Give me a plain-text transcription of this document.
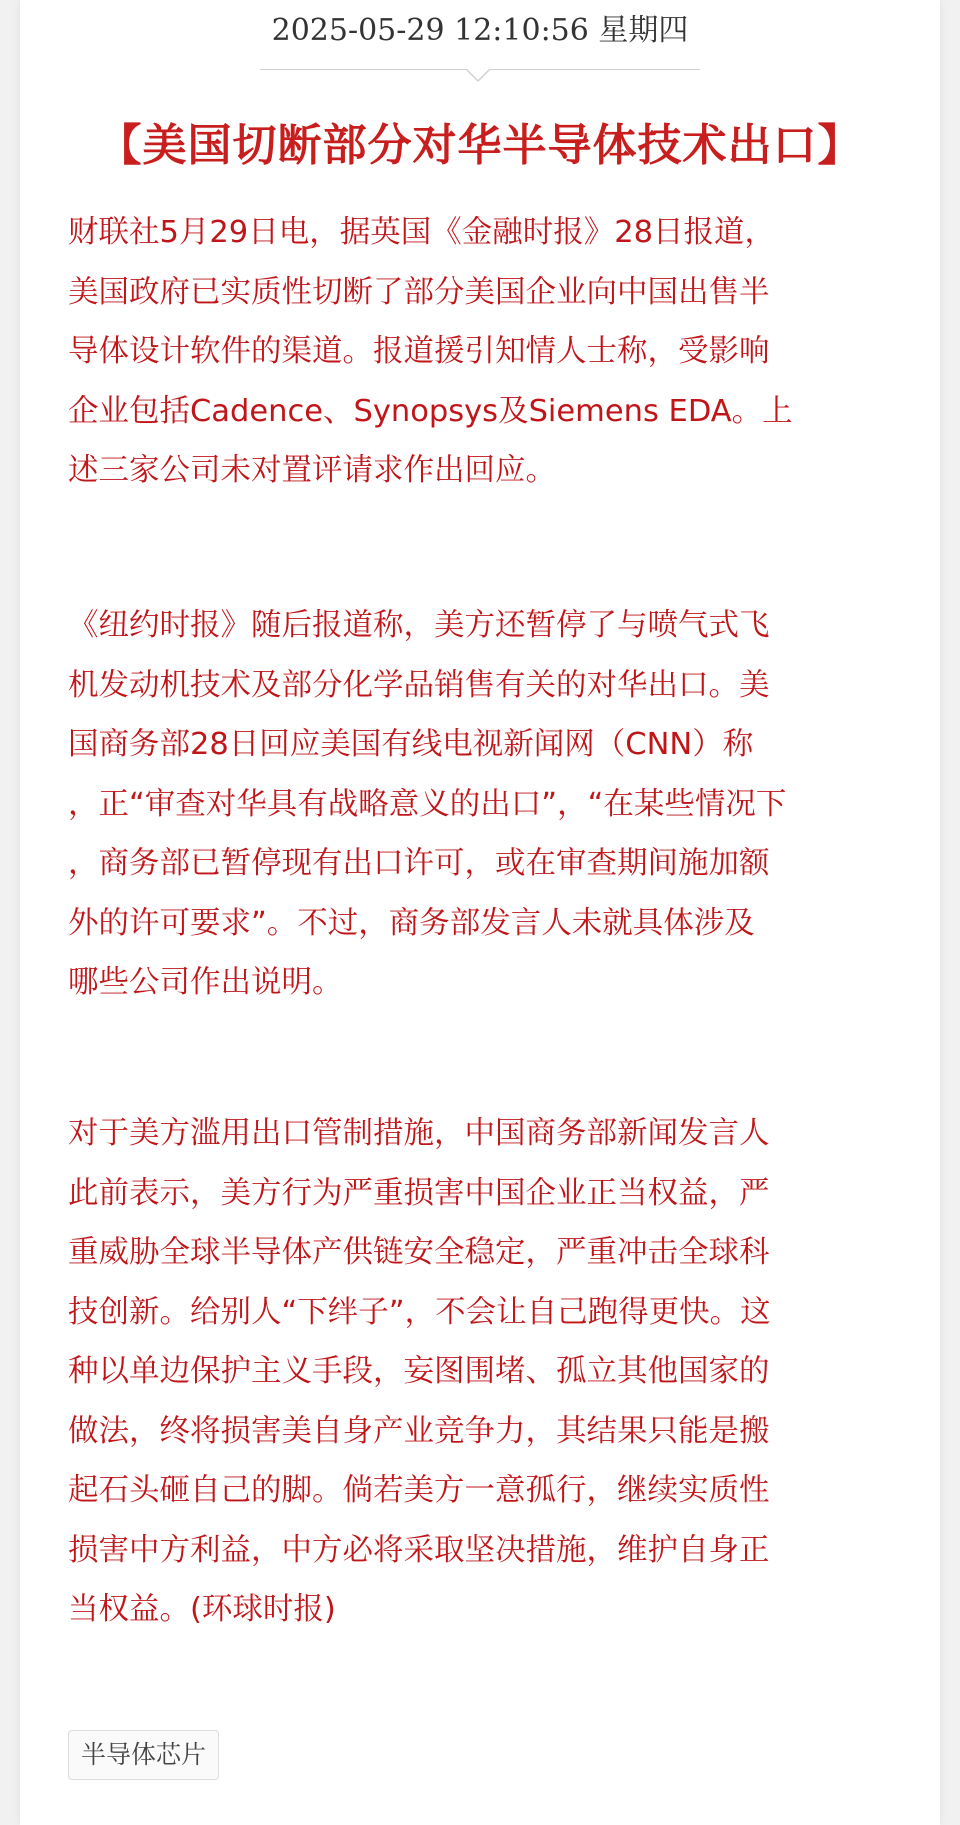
2025-05-29 12:10:56 星期四
【美国切断部分对华半导体技术出口】
财联社5月29日电，据英国《金融时报》28日报道，
美国政府已实质性切断了部分美国企业向中国出售半
导体设计软件的渠道。报道援引知情人士称，受影响
企业包括Cadence、Synopsys及Siemens EDA。上
述三家公司未对置评请求作出回应。
《纽约时报》随后报道称，美方还暂停了与喷气式飞
机发动机技术及部分化学品销售有关的对华出口。美
国商务部28日回应美国有线电视新闻网（CNN）称
，正“审查对华具有战略意义的出口”，“在某些情况下
，商务部已暂停现有出口许可，或在审查期间施加额
外的许可要求”。不过，商务部发言人未就具体涉及
哪些公司作出说明。
对于美方滥用出口管制措施，中国商务部新闻发言人
此前表示，美方行为严重损害中国企业正当权益，严
重威胁全球半导体产供链安全稳定，严重冲击全球科
技创新。给别人“下绊子”，不会让自己跑得更快。这
种以单边保护主义手段，妄图围堵、孤立其他国家的
做法，终将损害美自身产业竞争力，其结果只能是搬
起石头砸自己的脚。倘若美方一意孤行，继续实质性
损害中方利益，中方必将采取坚决措施，维护自身正
当权益。(环球时报)
半导体芯片
